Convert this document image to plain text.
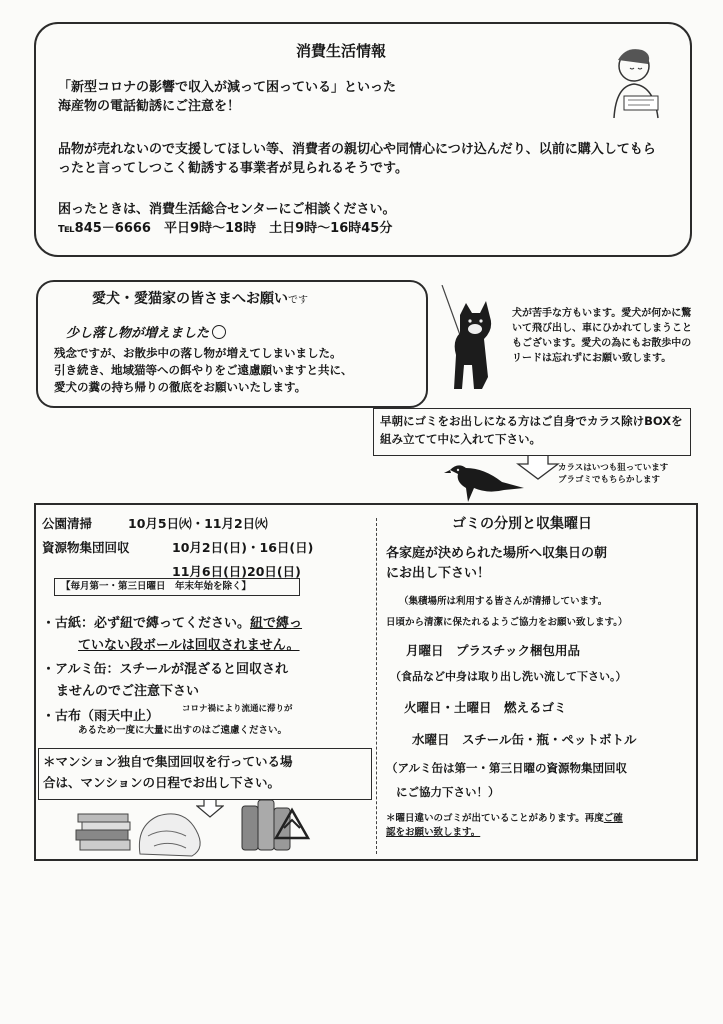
消費生活情報
「新型コロナの影響で収入が減って困っている」といった
海産物の電話勧誘にご注意を！
品物が売れないので支援してほしい等、消費者の親切心や同情心につけ込んだり、以前に購入してもらったと言ってしつこく勧誘する事業者が見られるそうです。
困ったときは、消費生活総合センターにご相談ください。
℡845－6666　平日9時～18時　土日9時～16時45分
愛犬・愛猫家の皆さまへお願いです
少し落し物が増えました
残念ですが、お散歩中の落し物が増えてしまいました。
引き続き、地域猫等への餌やりをご遠慮願いますと共に、
愛犬の糞の持ち帰りの徹底をお願いいたします。
犬が苦手な方もいます。愛犬が何かに驚いて飛び出し、車にひかれてしまうこともございます。愛犬の為にもお散歩中のリードは忘れずにお願い致します。
早朝にゴミをお出しになる方はご自身でカラス除けBOXを組み立てて中に入れて下さい。
カラスはいつも狙っています
ブラゴミでもちらかします
公園清掃	10月5日㈫・11月2日㈫
資源物集団回収	10月2日(日)・16日(日)
11月6日(日)20日(日)
【毎月第一・第三日曜日　年末年始を除く】
・古紙：必ず紐で縛ってください。紐で縛っ
ていない段ボールは回収されません。
・アルミ缶：スチールが混ざると回収され
ませんのでご注意下さい
・古布（雨天中止）	コロナ禍により流通に滞りが
あるため一度に大量に出すのはご遠慮ください。
＊マンション独自で集団回収を行っている場
合は、マンションの日程でお出し下さい。
ゴミの分別と収集曜日
各家庭が決められた場所へ収集日の朝
にお出し下さい！
（集積場所は利用する皆さんが清掃しています。
日頃から清潔に保たれるようご協力をお願い致します。）
月曜日　プラスチック梱包用品
（食品など中身は取り出し洗い流して下さい。）
火曜日・土曜日　燃えるゴミ
水曜日　スチール缶・瓶・ペットボトル
（アルミ缶は第一・第三日曜の資源物集団回収
にご協力下さい！）
＊曜日違いのゴミが出ていることがあります。再度ご確
認をお願い致します。
